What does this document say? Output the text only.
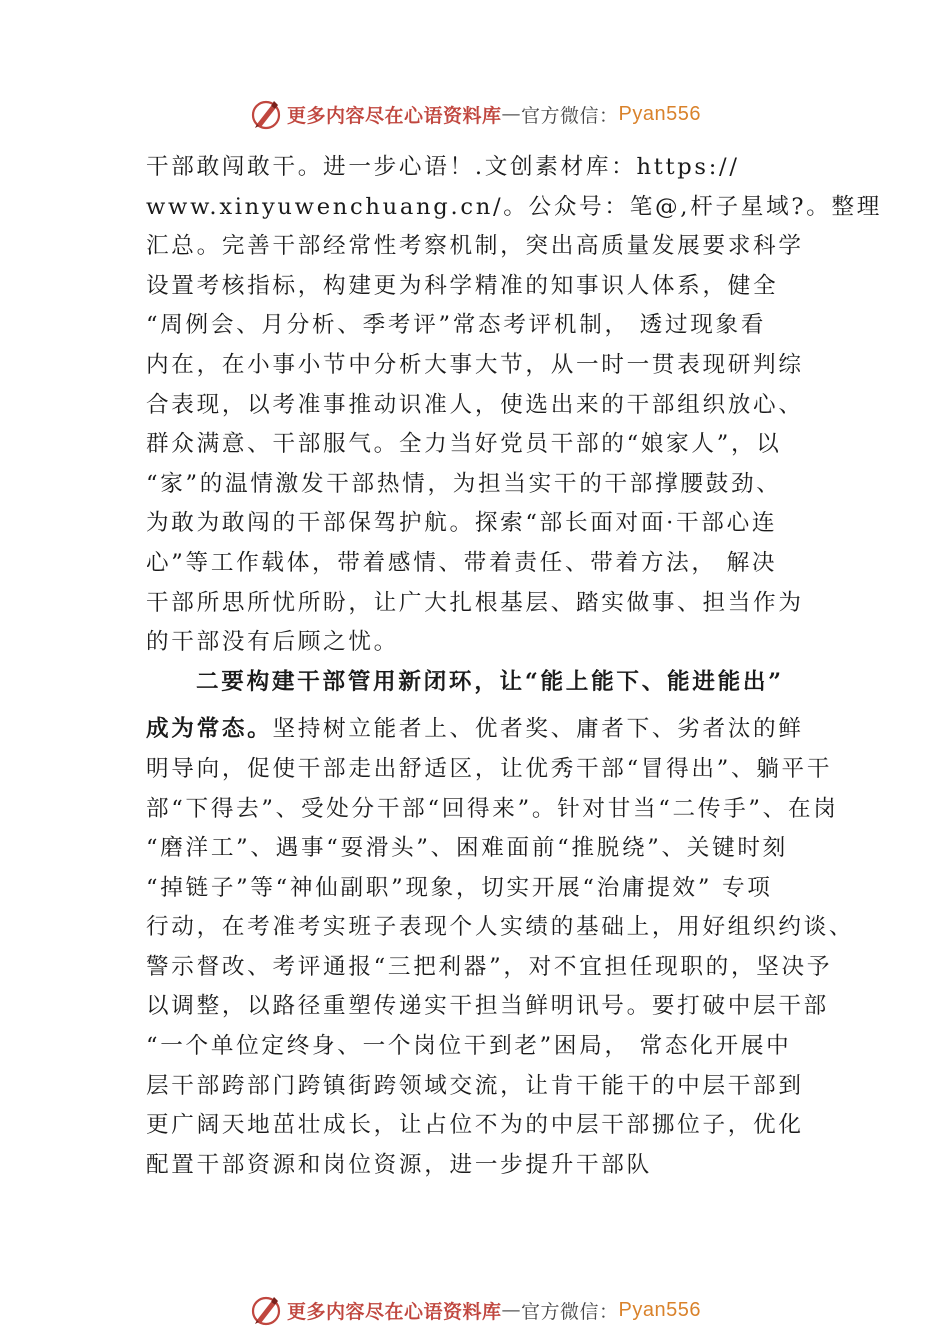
更多内容尽在心语资料库 — 官方微信： Pyan556
干部敢闯敢干。进一步心语！.文创素材库：https://
www.xinyuwenchuang.cn/。公众号：笔@,杆子星域?。整理
汇总。完善干部经常性考察机制，突出高质量发展要求科学
设置考核指标，构建更为科学精准的知事识人体系，健全
“周例会、月分析、季考评”常态考评机制， 透过现象看
内在，在小事小节中分析大事大节，从一时一贯表现研判综
合表现，以考准事推动识准人，使选出来的干部组织放心、
群众满意、干部服气。全力当好党员干部的“娘家人”，以
“家”的温情激发干部热情，为担当实干的干部撑腰鼓劲、
为敢为敢闯的干部保驾护航。探索“部长面对面·干部心连
心”等工作载体，带着感情、带着责任、带着方法， 解决
干部所思所忧所盼，让广大扎根基层、踏实做事、担当作为
的干部没有后顾之忧。
二要构建干部管用新闭环，让“能上能下、能进能出”
成为常态。坚持树立能者上、优者奖、庸者下、劣者汰的鲜
明导向，促使干部走出舒适区，让优秀干部“冒得出”、躺平干
部“下得去”、受处分干部“回得来”。针对甘当“二传手”、在岗
“磨洋工”、遇事“耍滑头”、困难面前“推脱绕”、关键时刻
“掉链子”等“神仙副职”现象，切实开展“治庸提效” 专项
行动，在考准考实班子表现个人实绩的基础上，用好组织约谈、
警示督改、考评通报“三把利器”，对不宜担任现职的，坚决予
以调整，以路径重塑传递实干担当鲜明讯号。要打破中层干部
“一个单位定终身、一个岗位干到老”困局， 常态化开展中
层干部跨部门跨镇街跨领域交流，让肯干能干的中层干部到
更广阔天地茁壮成长，让占位不为的中层干部挪位子，优化
配置干部资源和岗位资源，进一步提升干部队
更多内容尽在心语资料库 — 官方微信： Pyan556
